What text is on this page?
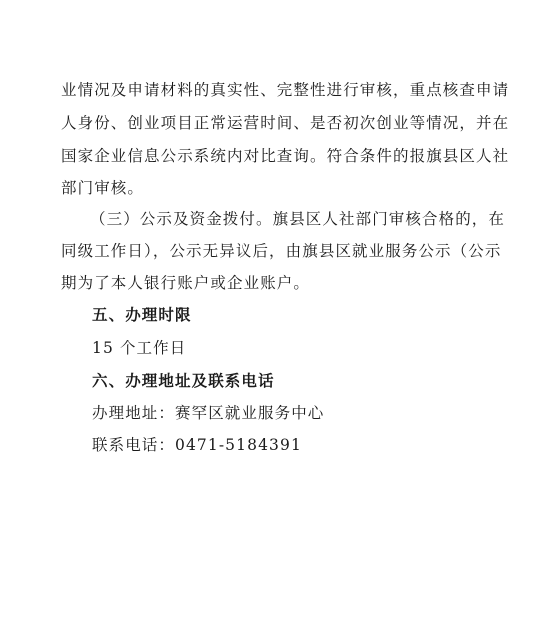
业情况及申请材料的真实性、完整性进行审核，重点核查申请
人身份、创业项目正常运营时间、是否初次创业等情况，并在
国家企业信息公示系统内对比查询。符合条件的报旗县区人社
部门审核。
（三）公示及资金拨付。旗县区人社部门审核合格的，在
同级工作日），公示无异议后，由旗县区就业服务公示（公示
期为了本人银行账户或企业账户。
五、办理时限
15 个工作日
六、办理地址及联系电话
办理地址：赛罕区就业服务中心
联系电话：0471-5184391
